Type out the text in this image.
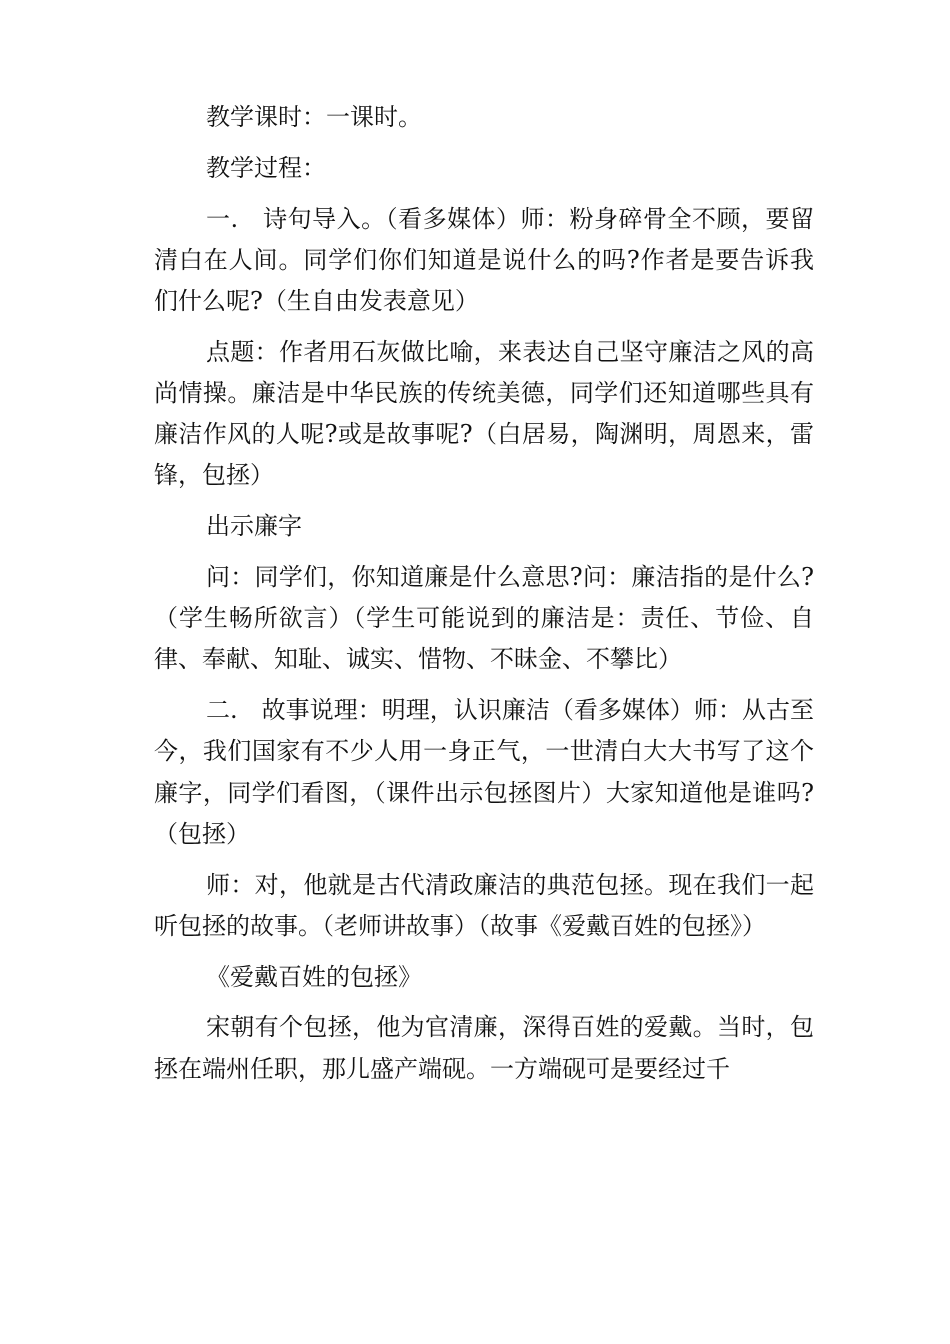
教学课时：一课时。

教学过程：

一.　诗句导入。（看多媒体）师：粉身碎骨全不顾，要留清白在人间。同学们你们知道是说什么的吗?作者是要告诉我们什么呢?（生自由发表意见）

点题：作者用石灰做比喻，来表达自己坚守廉洁之风的高尚情操。廉洁是中华民族的传统美德，同学们还知道哪些具有廉洁作风的人呢?或是故事呢?（白居易，陶渊明，周恩来，雷锋，包拯）

出示廉字

问：同学们，你知道廉是什么意思?问：廉洁指的是什么?（学生畅所欲言）（学生可能说到的廉洁是：责任、节俭、自律、奉献、知耻、诚实、惜物、不昧金、不攀比）

二.　故事说理：明理，认识廉洁（看多媒体）师：从古至今，我们国家有不少人用一身正气，一世清白大大书写了这个廉字，同学们看图，（课件出示包拯图片）大家知道他是谁吗?（包拯）

师：对，他就是古代清政廉洁的典范包拯。现在我们一起听包拯的故事。（老师讲故事）（故事《爱戴百姓的包拯》）

《爱戴百姓的包拯》

宋朝有个包拯，他为官清廉，深得百姓的爱戴。当时，包拯在端州任职，那儿盛产端砚。一方端砚可是要经过千
